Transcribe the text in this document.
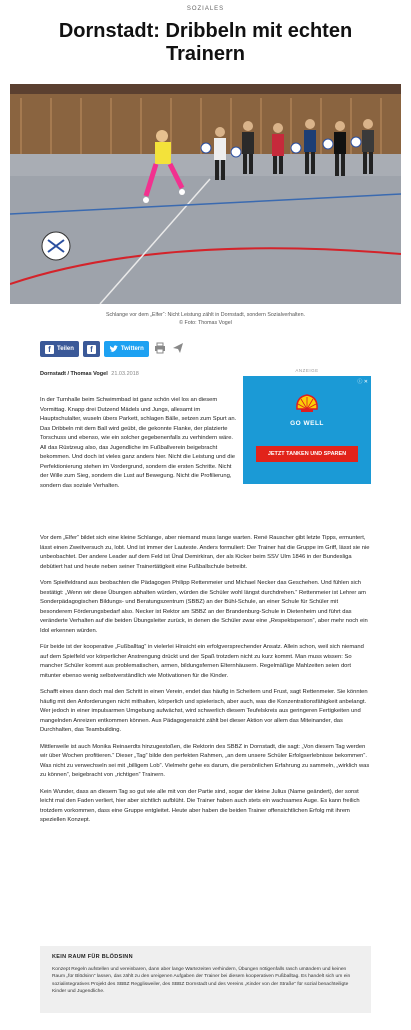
SOZIALES
Dornstadt: Dribbeln mit echten Trainern
Schlange vor dem „Elfer“: Nicht Leistung zählt in Dornstadt, sondern Sozialverhalten.
© Foto: Thomas Vogel
f	Teilen	f	Twittern
Dornstadt / Thomas Vogel 21.03.2018
ANZEIGE
ⓘ ✕
GO WELL
JETZT TANKEN UND SPAREN

In der Turnhalle beim Schwimmbad ist ganz schön viel los an diesem Vormittag. Knapp drei Dutzend Mädels und Jungs, allesamt im Hauptschulalter, wuseln übers Parkett, schlagen Bälle, setzen zum Spurt an. Das Dribbeln mit dem Ball wird geübt, die gekonnte Flanke, der platzierte Torschuss und ebenso, wie ein solcher gegebenenfalls zu verhindern wäre. All das Rüstzeug also, das Jugendliche im Fußballverein beigebracht bekommen. Und doch ist vieles ganz anders hier. Nicht die Leistung und die Perfektionierung stehen im Vordergrund, sondern die ersten Schritte. Nicht der Wille zum Sieg, sondern die Lust auf Bewegung. Nicht die Profilierung, sondern das soziale Verhalten.

Vor dem „Elfer“ bildet sich eine kleine Schlange, aber niemand muss lange warten. René Rauscher gibt letzte Tipps, ermuntert, lässt einen Zweitversuch zu, lobt. Und ist immer der Lauteste. Anders formuliert: Der Trainer hat die Gruppe im Griff, lässt sie nie unbeobachtet. Der andere Leader auf dem Feld ist Ünal Demirkiran, der als Kicker beim SSV Ulm 1846 in der Bundesliga debütiert hat und heute neben seiner Trainertätigkeit eine Fußballschule betreibt.

Vom Spielfeldrand aus beobachten die Pädagogen Philipp Rettenmeier und Michael Necker das Geschehen. Und fühlen sich bestätigt: „Wenn wir diese Übungen abhalten würden, würden die Schüler wohl längst durchdrehen.“ Rettenmeier ist Lehrer am Sonderpädagogischen Bildungs- und Beratungszentrum (SBBZ) an der Bühl-Schule, an einer Schule für Schüler mit besonderem Förderungsbedarf also. Necker ist Rektor am SBBZ an der Brandenburg-Schule in Dietenheim und führt das veränderte Verhalten auf die beiden Übungsleiter zurück, in denen die Schüler zwar eine „Respektsperson“, aber mehr noch ein Idol erkennen würden.

Für beide ist der kooperative „Fußballtag“ in vielerlei Hinsicht ein erfolgversprechender Ansatz. Allein schon, weil sich niemand auf dem Spielfeld vor körperlicher Anstrengung drückt und der Spaß trotzdem nicht zu kurz kommt. Man muss wissen: So mancher Schüler kommt aus problematischen, armen, bildungsfernen Elternhäusern. Regelmäßige Mahlzeiten seien dort mitunter ebenso wenig selbstverständlich wie Motivationen für die Kinder.

Schafft eines dann doch mal den Schritt in einen Verein, endet das häufig in Scheitern und Frust, sagt Rettenmeier. Sie könnten häufig mit den Anforderungen nicht mithalten, körperlich und spielerisch, aber auch, was die Konzentrationsfähigkeit anbelangt. Wer jedoch in einer impulsarmen Umgebung aufwächst, wird schwerlich diesem Teufelskreis aus geringeren Fertigkeiten und mangelnden Anreizen entkommen können. Aus Pädagogensicht zählt bei dieser Aktion vor allem das Miteinander, das Durchhalten, das Teambuilding.

Mittlerweile ist auch Monika Reinaerdts hinzugestoßen, die Rektorin des SBBZ in Dornstadt, die sagt: „Von diesem Tag werden wir über Wochen profitieren.“ Dieser „Tag“ bilde den perfekten Rahmen, „an dem unsere Schüler Erfolgserlebnisse bekommen“. Was nicht zu verwechseln sei mit „billigem Lob“. Vielmehr gehe es darum, die persönlichen Erfahrung zu sammeln, „wirklich was zu können“, beigebracht von „richtigen“ Trainern.

Kein Wunder, dass an diesem Tag so gut wie alle mit von der Partie sind, sogar der kleine Julius (Name geändert), der sonst leicht mal den Faden verliert, hier aber sichtlich aufblüht. Die Trainer haben auch stets ein wachsames Auge. Es kann freilich trotzdem vorkommen, dass eine Gruppe entgleitet. Heute aber haben die beiden Trainer offensichtlichen Erfolg mit ihrem speziellen Konzept.

KEIN RAUM FÜR BLÖDSINN

Konzept Regeln aufstellen und vereinbaren, dann aber lange Wartezeiten verhindern, Übungen nötigenfalls rasch umändern und keinen Raum „für Blödsinn“ lassen, das zählt zu den ureigenen Aufgaben der Trainer bei diesem kooperativen Fußballtag. Es handelt sich um ein sozialintegratives Projekt des SBBZ Regglisweiler, des SBBZ Dornstadt und des Vereins „Kinder von der Straße“ für sozial benachteiligte Kinder und Jugendliche.
